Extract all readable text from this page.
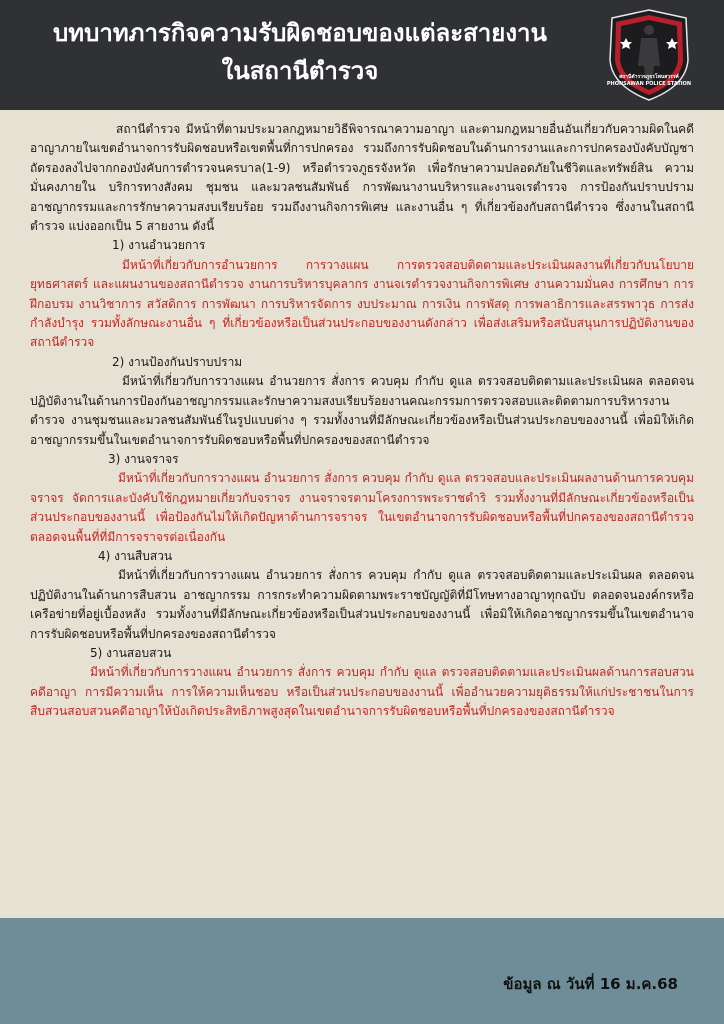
บทบาทภารกิจความรับผิดชอบของแต่ละสายงาน
ในสถานีตำรวจ	สถานีตำรวจภูธรโพนสวรรค์
PHONSAWAN POLICE STATION

สถานีตำรวจ มีหน้าที่ตามประมวลกฎหมายวิธีพิจารณาความอาญา และตามกฎหมายอื่นอันเกี่ยวกับความผิดในคดีอาญาภายในเขตอำนาจการรับผิดชอบหรือเขตพื้นที่การปกครอง รวมถึงการรับผิดชอบในด้านการงานและการปกครองบังคับบัญชา ถัดรองลงไปจากกองบังคับการตำรวจนครบาล(1-9) หรือตำรวจภูธรจังหวัด เพื่อรักษาความปลอดภัยในชีวิตและทรัพย์สิน ความมั่นคงภายใน บริการทางสังคม ชุมชน และมวลชนสัมพันธ์ การพัฒนางานบริหารและงานจเรตำรวจ การป้องกันปราบปรามอาชญากรรมและการรักษาความสงบเรียบร้อย รวมถึงงานกิจการพิเศษ และงานอื่น ๆ ที่เกี่ยวข้องกับสถานีตำรวจ ซึ่งงานในสถานีตำรวจ แบ่งออกเป็น 5 สายงาน ดังนี้

1) งานอำนวยการ

มีหน้าที่เกี่ยวกับการอำนวยการ การวางแผน การตรวจสอบติดตามและประเมินผลงานที่เกี่ยวกับนโยบาย ยุทธศาสตร์ และแผนงานของสถานีตำรวจ งานการบริหารบุคลากร งานจเรตำรวจงานกิจการพิเศษ งานความมั่นคง การศึกษา การฝึกอบรม งานวิชาการ สวัสดิการ การพัฒนา การบริหารจัดการ งบประมาณ การเงิน การพัสดุ การพลาธิการและสรรพาวุธ การส่งกำลังบำรุง รวมทั้งลักษณะงานอื่น ๆ ที่เกี่ยวข้องหรือเป็นส่วนประกอบของงานดังกล่าว เพื่อส่งเสริมหรือสนับสนุนการปฏิบัติงานของสถานีตำรวจ

2) งานป้องกันปราบปราม

มีหน้าที่เกี่ยวกับการวางแผน อำนวยการ สั่งการ ควบคุม กำกับ ดูแล ตรวจสอบติดตามและประเมินผล ตลอดจนปฏิบัติงานในด้านการป้องกันอาชญากรรมและรักษาความสงบเรียบร้อยงานคณะกรรมการตรวจสอบและติดตามการบริหารงานตำรวจ งานชุมชนและมวลชนสัมพันธ์ในรูปแบบต่าง ๆ รวมทั้งงานที่มีลักษณะเกี่ยวข้องหรือเป็นส่วนประกอบของงานนี้ เพื่อมิให้เกิดอาชญากรรมขึ้นในเขตอำนาจการรับผิดชอบหรือพื้นที่ปกครองของสถานีตำรวจ

3) งานจราจร

มีหน้าที่เกี่ยวกับการวางแผน อำนวยการ สั่งการ ควบคุม กำกับ ดูแล ตรวจสอบและประเมินผลงานด้านการควบคุมจราจร จัดการและบังคับใช้กฎหมายเกี่ยวกับจราจร งานจราจรตามโครงการพระราชดำริ รวมทั้งงานที่มีลักษณะเกี่ยวข้องหรือเป็นส่วนประกอบของงานนี้ เพื่อป้องกันไม่ให้เกิดปัญหาด้านการจราจร ในเขตอำนาจการรับผิดชอบหรือพื้นที่ปกครองของสถานีตำรวจ ตลอดจนพื้นที่ที่มีการจราจรต่อเนื่องกัน

4) งานสืบสวน

มีหน้าที่เกี่ยวกับการวางแผน อำนวยการ สั่งการ ควบคุม กำกับ ดูแล ตรวจสอบติดตามและประเมินผล ตลอดจนปฏิบัติงานในด้านการสืบสวน อาชญากรรม การกระทำความผิดตามพระราชบัญญัติที่มีโทษทางอาญาทุกฉบับ ตลอดจนองค์กรหรือเครือข่ายที่อยู่เบื้องหลัง รวมทั้งงานที่มีลักษณะเกี่ยวข้องหรือเป็นส่วนประกอบของงานนี้ เพื่อมิให้เกิดอาชญากรรมขึ้นในเขตอำนาจการรับผิดชอบหรือพื้นที่ปกครองของสถานีตำรวจ

5) งานสอบสวน

มีหน้าที่เกี่ยวกับการวางแผน อำนวยการ สั่งการ ควบคุม กำกับ ดูแล ตรวจสอบติดตามและประเมินผลด้านการสอบสวนคดีอาญา การมีความเห็น การให้ความเห็นชอบ หรือเป็นส่วนประกอบของงานนี้ เพื่ออำนวยความยุติธรรมให้แก่ประชาชนในการสืบสวนสอบสวนคดีอาญาให้บังเกิดประสิทธิภาพสูงสุดในเขตอำนาจการรับผิดชอบหรือพื้นที่ปกครองของสถานีตำรวจ

ข้อมูล ณ วันที่ 16 ม.ค.68
